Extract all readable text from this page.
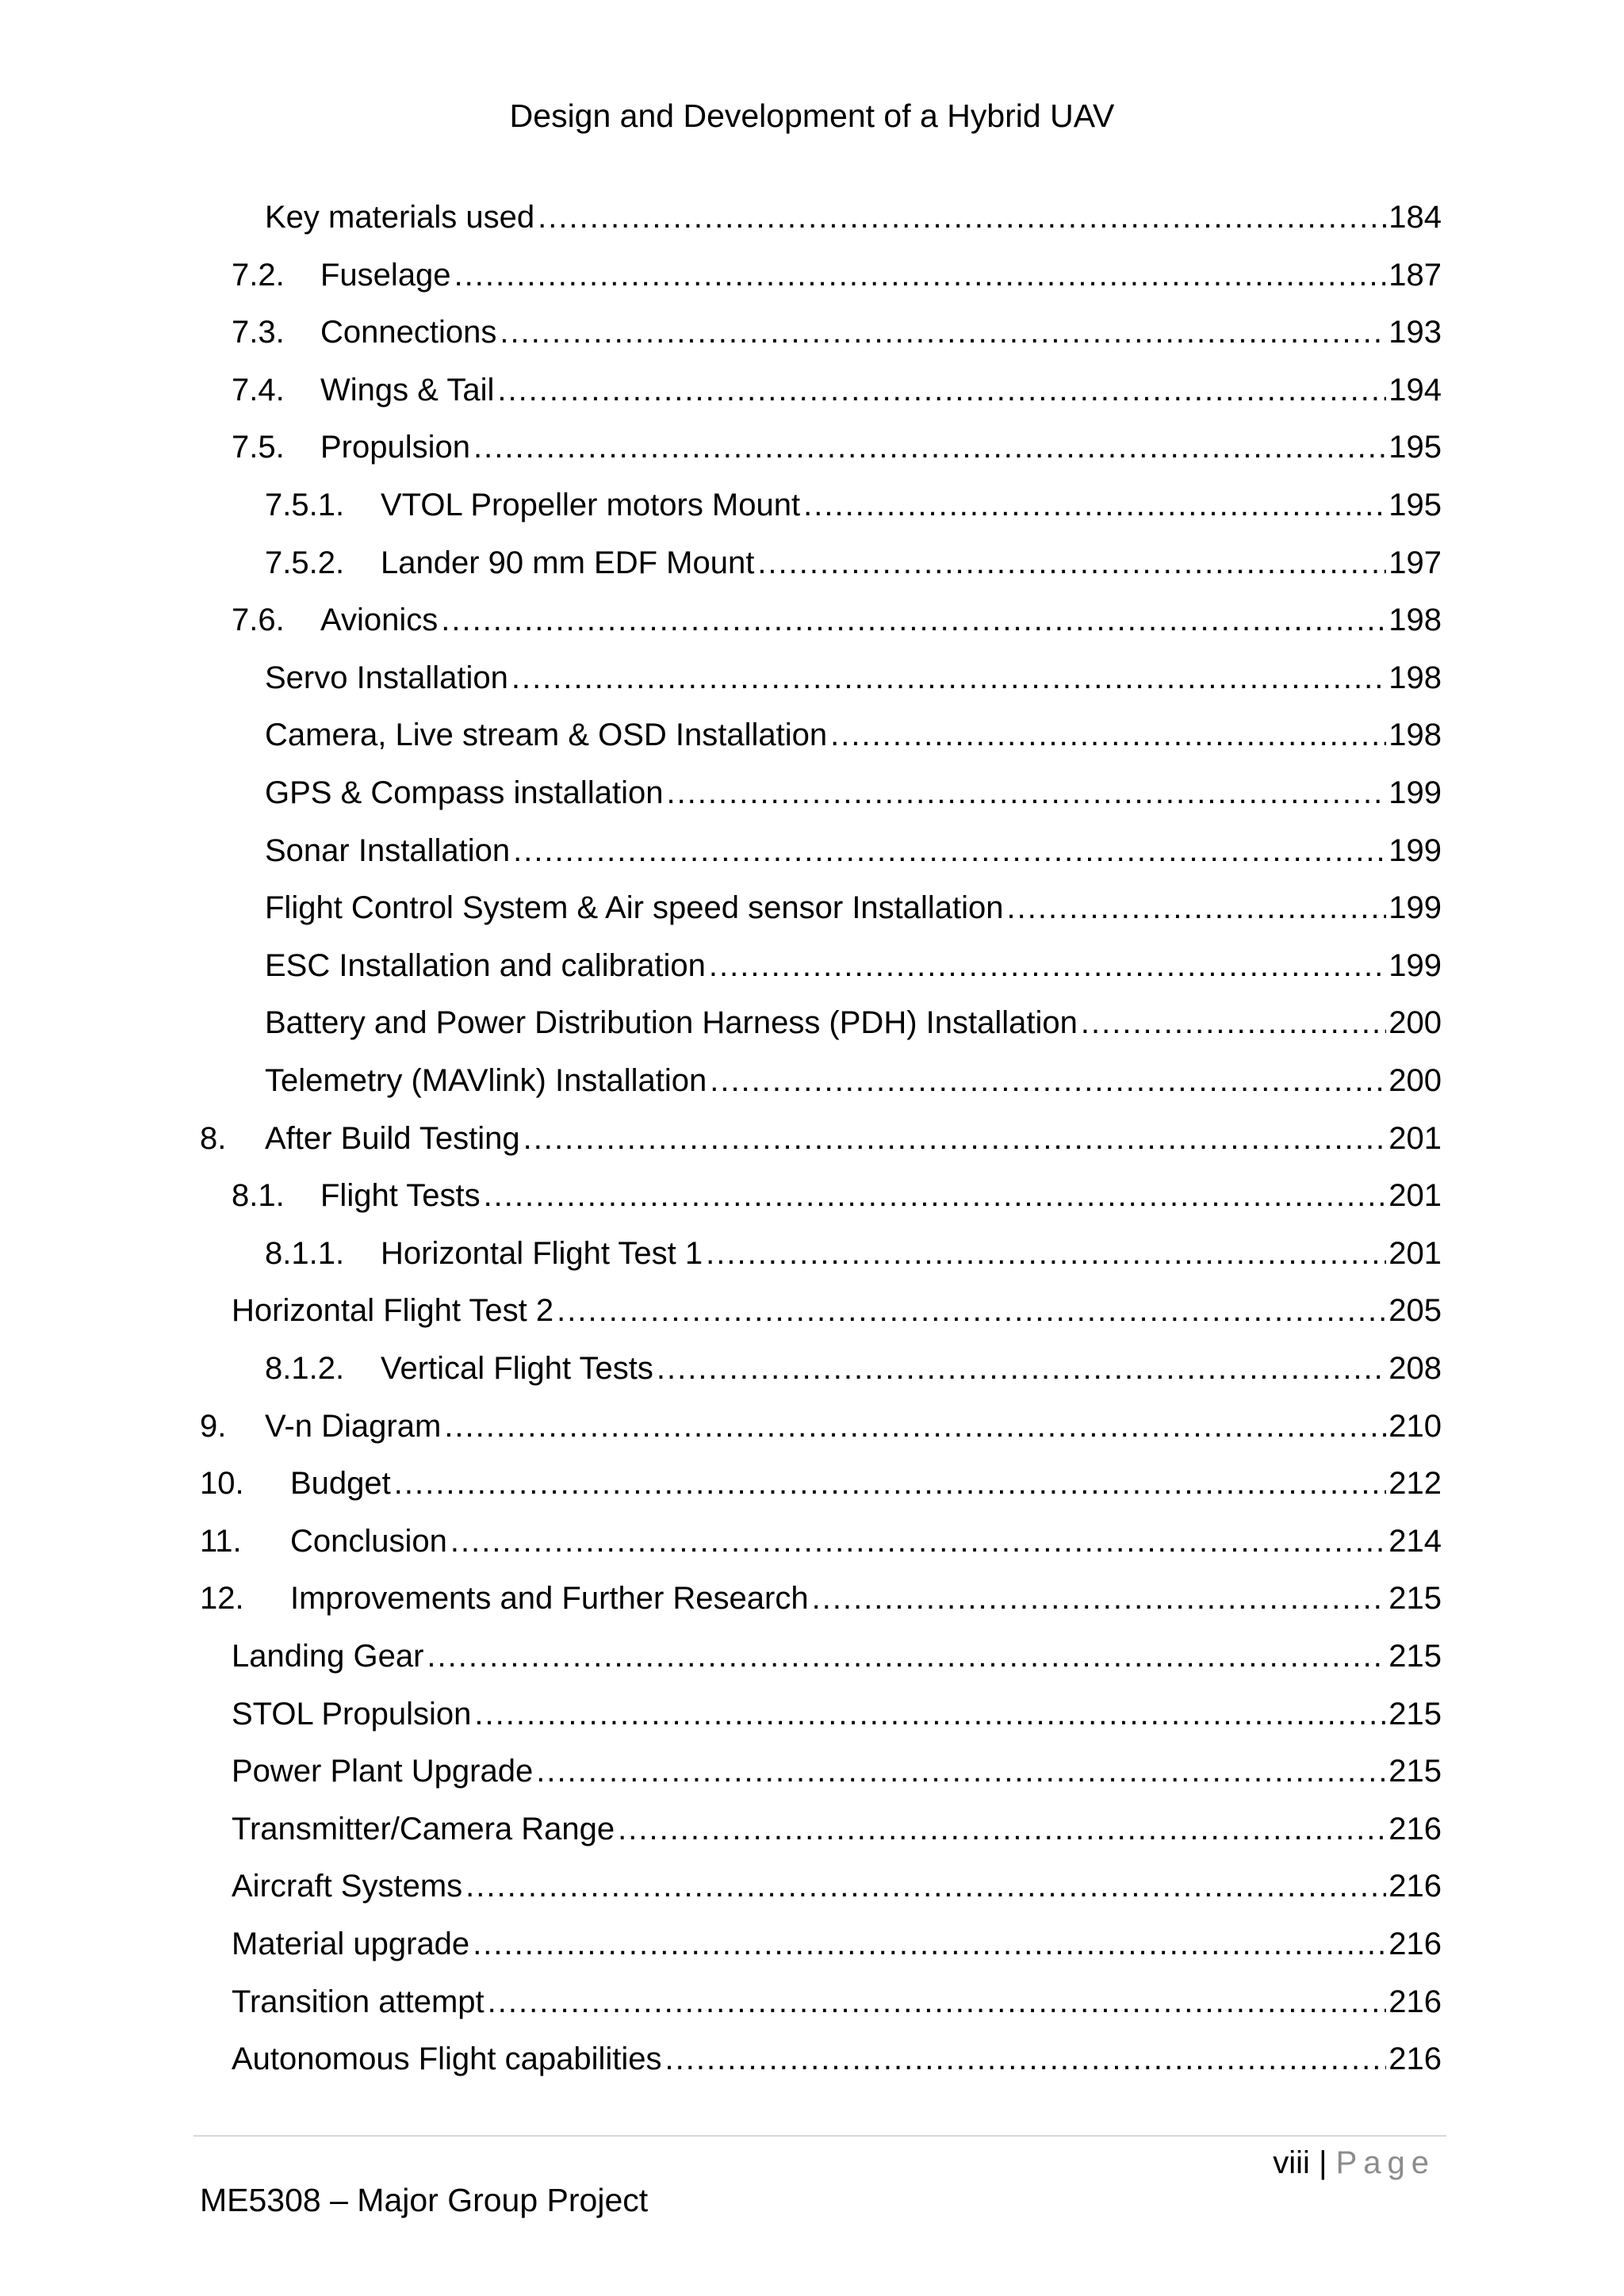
Design and Development of a Hybrid UAV
Key materials used .....	184
7.2. Fuselage .....	187
7.3. Connections .....	193
7.4. Wings & Tail .....	194
7.5. Propulsion .....	195
7.5.1. VTOL Propeller motors Mount .....	195
7.5.2. Lander 90 mm EDF Mount .....	197
7.6. Avionics .....	198
Servo Installation .....	198
Camera, Live stream & OSD Installation .....	198
GPS & Compass installation .....	199
Sonar Installation .....	199
Flight Control System & Air speed sensor Installation .....	199
ESC Installation and calibration .....	199
Battery and Power Distribution Harness (PDH) Installation .....	200
Telemetry (MAVlink) Installation .....	200
8. After Build Testing .....	201
8.1. Flight Tests .....	201
8.1.1. Horizontal Flight Test 1 .....	201
Horizontal Flight Test 2 .....	205
8.1.2. Vertical Flight Tests .....	208
9. V-n Diagram .....	210
10. Budget .....	212
11. Conclusion .....	214
12. Improvements and Further Research .....	215
Landing Gear .....	215
STOL Propulsion .....	215
Power Plant Upgrade .....	215
Transmitter/Camera Range .....	216
Aircraft Systems .....	216
Material upgrade .....	216
Transition attempt .....	216
Autonomous Flight capabilities .....	216
viii | Page
ME5308 – Major Group Project
